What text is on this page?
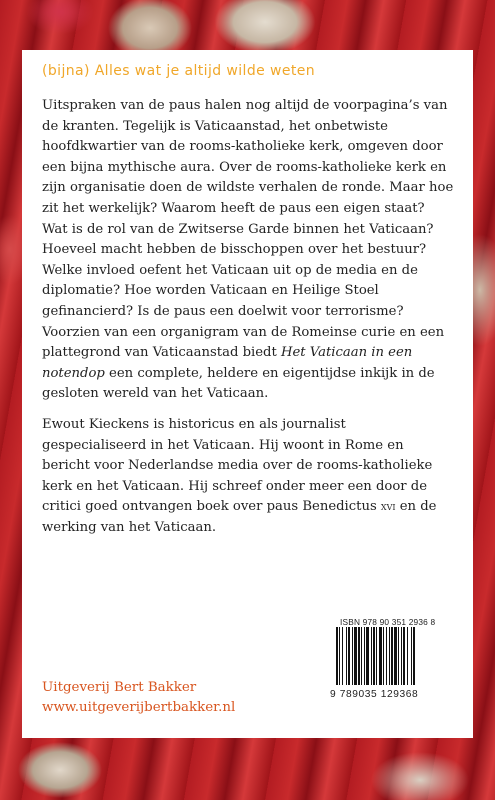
(bijna) Alles wat je altijd wilde weten

Uitspraken van de paus halen nog altijd de voorpagina’s van de kranten. Tegelijk is Vaticaanstad, het onbetwiste hoofdkwartier van de rooms-katholieke kerk, omgeven door een bijna mythische aura. Over de rooms-katholieke kerk en zijn organisatie doen de wildste verhalen de ronde. Maar hoe zit het werkelijk? Waarom heeft de paus een eigen staat? Wat is de rol van de Zwitserse Garde binnen het Vaticaan? Hoeveel macht hebben de bisschoppen over het bestuur? Welke invloed oefent het Vaticaan uit op de media en de diplomatie? Hoe worden Vaticaan en Heilige Stoel gefinancierd? Is de paus een doelwit voor terrorisme? Voorzien van een organigram van de Romeinse curie en een plattegrond van Vaticaanstad biedt Het Vaticaan in een notendop een complete, heldere en eigentijdse inkijk in de gesloten wereld van het Vaticaan.

Ewout Kieckens is historicus en als journalist gespecialiseerd in het Vaticaan. Hij woont in Rome en bericht voor Nederlandse media over de rooms-katholieke kerk en het Vaticaan. Hij schreef onder meer een door de critici goed ontvangen boek over paus Benedictus xvi en de werking van het Vaticaan.

ISBN 978 90 351 2936 8
9 789035 129368
Uitgeverij Bert Bakker
www.uitgeverijbertbakker.nl
